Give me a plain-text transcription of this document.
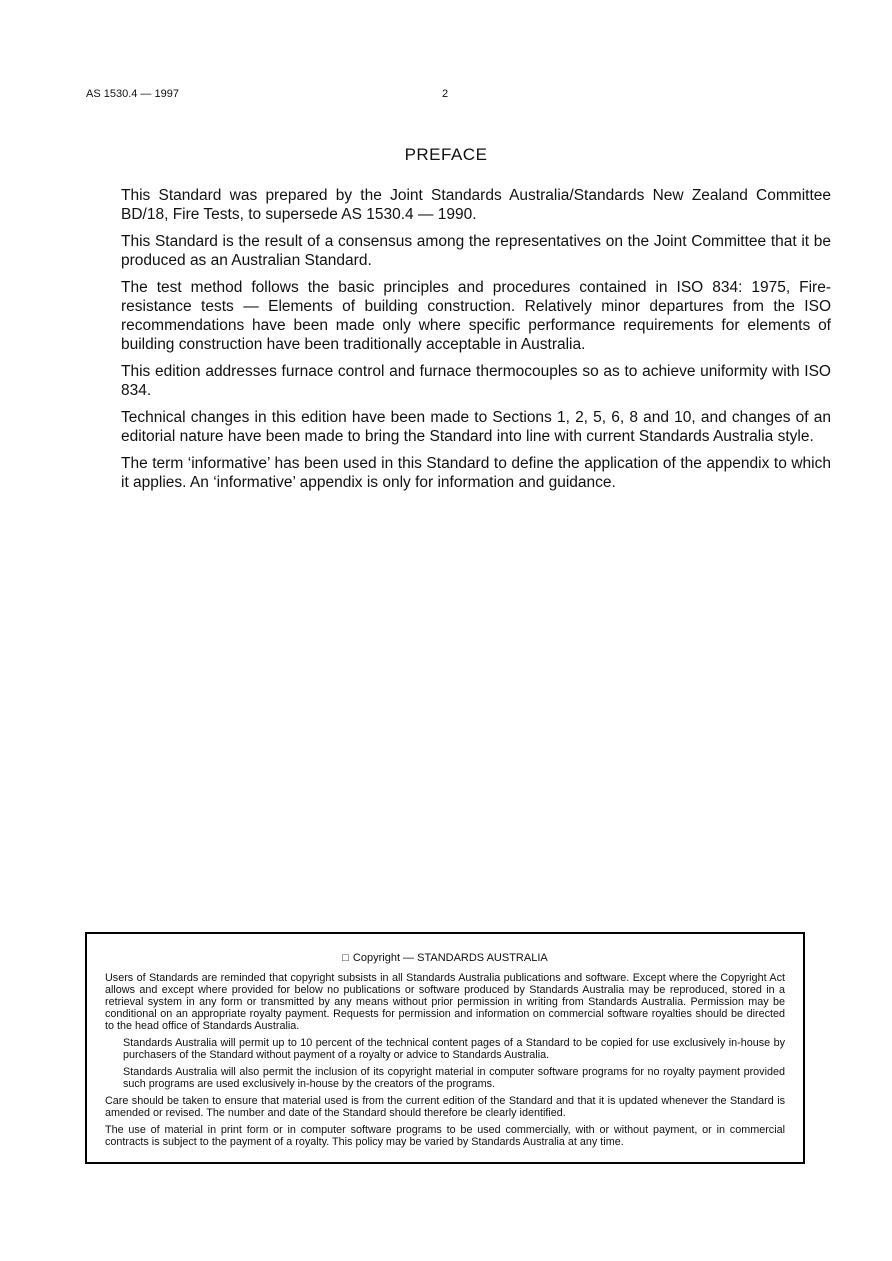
AS 1530.4 — 1997	2
PREFACE

This Standard was prepared by the Joint Standards Australia/Standards New Zealand Committee BD/18, Fire Tests, to supersede AS 1530.4 — 1990.

This Standard is the result of a consensus among the representatives on the Joint Committee that it be produced as an Australian Standard.

The test method follows the basic principles and procedures contained in ISO 834: 1975, Fire-resistance tests — Elements of building construction. Relatively minor departures from the ISO recommendations have been made only where specific performance requirements for elements of building construction have been traditionally acceptable in Australia.

This edition addresses furnace control and furnace thermocouples so as to achieve uniformity with ISO 834.

Technical changes in this edition have been made to Sections 1, 2, 5, 6, 8 and 10, and changes of an editorial nature have been made to bring the Standard into line with current Standards Australia style.

The term ‘informative’ has been used in this Standard to define the application of the appendix to which it applies. An ‘informative’ appendix is only for information and guidance.

□ Copyright — STANDARDS AUSTRALIA

Users of Standards are reminded that copyright subsists in all Standards Australia publications and software. Except where the Copyright Act allows and except where provided for below no publications or software produced by Standards Australia may be reproduced, stored in a retrieval system in any form or transmitted by any means without prior permission in writing from Standards Australia. Permission may be conditional on an appropriate royalty payment. Requests for permission and information on commercial software royalties should be directed to the head office of Standards Australia.

Standards Australia will permit up to 10 percent of the technical content pages of a Standard to be copied for use exclusively in-house by purchasers of the Standard without payment of a royalty or advice to Standards Australia.

Standards Australia will also permit the inclusion of its copyright material in computer software programs for no royalty payment provided such programs are used exclusively in-house by the creators of the programs.

Care should be taken to ensure that material used is from the current edition of the Standard and that it is updated whenever the Standard is amended or revised. The number and date of the Standard should therefore be clearly identified.

The use of material in print form or in computer software programs to be used commercially, with or without payment, or in commercial contracts is subject to the payment of a royalty. This policy may be varied by Standards Australia at any time.
